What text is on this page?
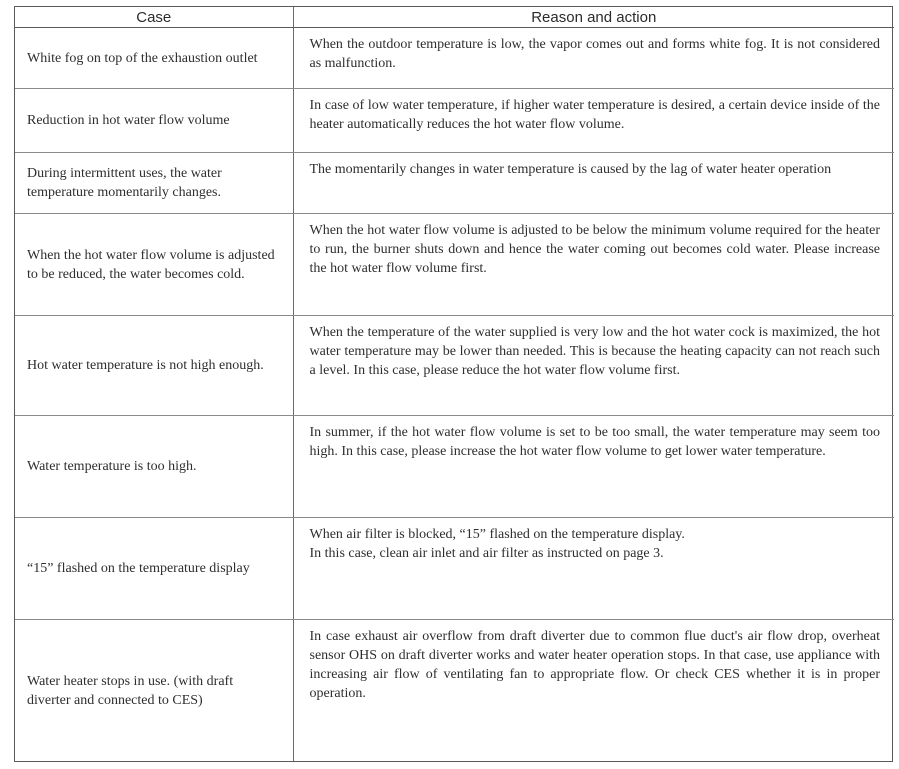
Case	Reason and action

White fog on top of the exhaustion outlet	When the outdoor temperature is low, the vapor comes out and forms white fog. It is not considered as malfunction.

Reduction in hot water flow volume	In case of low water temperature, if higher water temperature is desired, a certain device inside of the heater automatically reduces the hot water flow volume.

During intermittent uses, the water temperature momentarily changes.	The momentarily changes in water temperature is caused by the lag of water heater operation

When the hot water flow volume is adjusted to be reduced, the water becomes cold.	When the hot water flow volume is adjusted to be below the minimum volume required for the heater to run, the burner shuts down and hence the water coming out becomes cold water. Please increase the hot water flow volume first.

Hot water temperature is not high enough.	When the temperature of the water supplied is very low and the hot water cock is maximized, the hot water temperature may be lower than needed. This is because the heating capacity can not reach such a level. In this case, please reduce the hot water flow volume first.

Water temperature is too high.	In summer, if the hot water flow volume is set to be too small, the water temperature may seem too high. In this case, please increase the hot water flow volume to get lower water temperature.

“15” flashed on the temperature display	When air filter is blocked, “15” flashed on the temperature display.
In this case, clean air inlet and air filter as instructed on page 3.

Water heater stops in use. (with draft diverter and connected to CES)	In case exhaust air overflow from draft diverter due to common flue duct's air flow drop, overheat sensor OHS on draft diverter works and water heater operation stops. In that case, use appliance with increasing air flow of ventilating fan to appropriate flow. Or check CES whether it is in proper operation.
